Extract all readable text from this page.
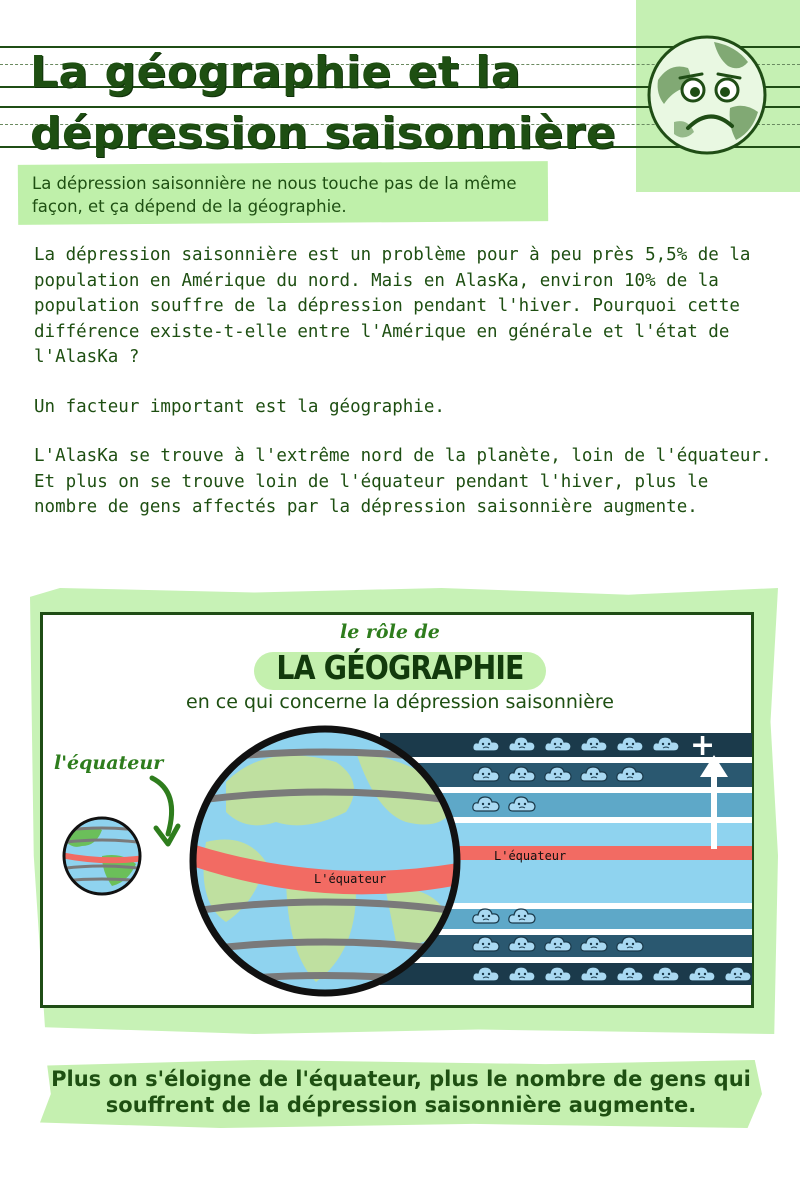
La géographie et la
dépression saisonnière
La dépression saisonnière ne nous touche pas de la même façon, et ça dépend de la géographie.
La dépression saisonnière est un problème pour à peu près 5,5% de la population en Amérique du nord. Mais en AlasKa, environ 10% de la population souffre de la dépression pendant l'hiver. Pourquoi cette différence existe-t-elle entre l'Amérique en générale et l'état de l'AlasKa ?
Un facteur important est la géographie.
L'AlasKa se trouve à l'extrême nord de la planète, loin de l'équateur. Et plus on se trouve loin de l'équateur pendant l'hiver, plus le nombre de gens affectés par la dépression saisonnière augmente.
le rôle de
LA GÉOGRAPHIE
en ce qui concerne la dépression saisonnière
L'équateur
+
L'équateur
l'équateur
Plus on s'éloigne de l'équateur, plus le nombre de gens qui souffrent de la dépression saisonnière augmente.
